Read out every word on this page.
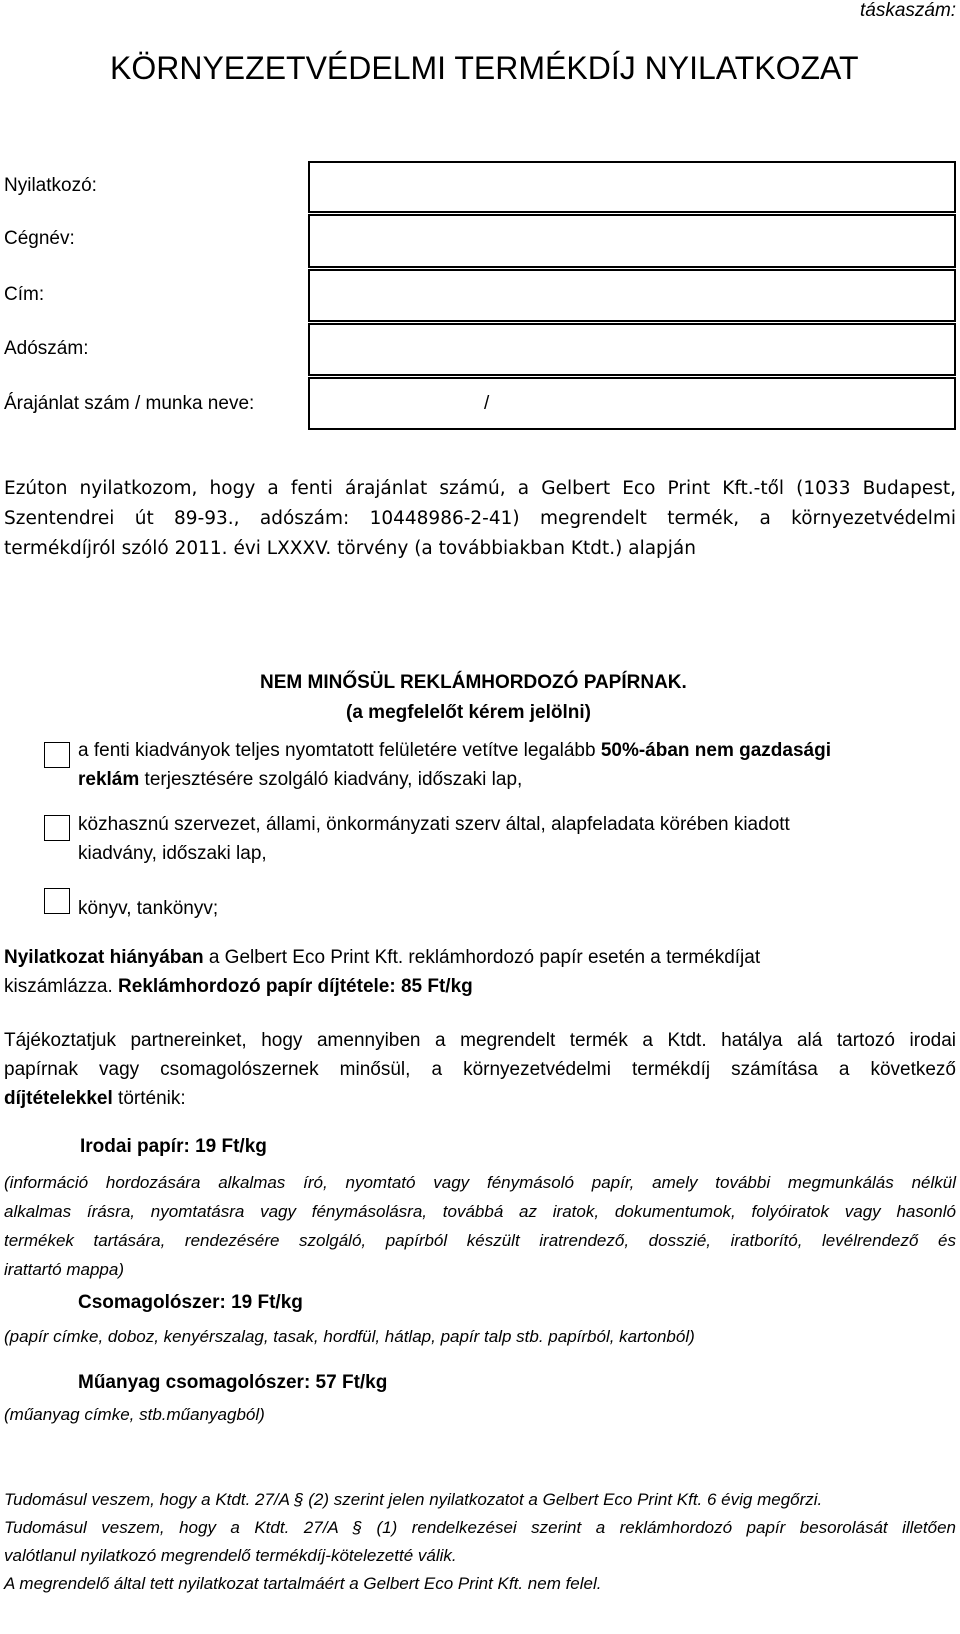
táskaszám:
KÖRNYEZETVÉDELMI TERMÉKDÍJ NYILATKOZAT
Nyilatkozó:
Cégnév:
Cím:
Adószám:
Árajánlat szám / munka neve:	/
Ezúton nyilatkozom, hogy a fenti árajánlat számú, a Gelbert Eco Print Kft.-től (1033 Budapest,
Szentendrei út 89-93., adószám: 10448986-2-41) megrendelt termék, a környezetvédelmi
termékdíjról szóló 2011. évi LXXXV. törvény (a továbbiakban Ktdt.) alapján
NEM MINŐSÜL REKLÁMHORDOZÓ PAPÍRNAK.
(a megfelelőt kérem jelölni)
a fenti kiadványok teljes nyomtatott felületére vetítve legalább 50%-ában nem gazdasági
reklám terjesztésére szolgáló kiadvány, időszaki lap,
közhasznú szervezet, állami, önkormányzati szerv által, alapfeladata körében kiadott
kiadvány, időszaki lap,
könyv, tankönyv;
Nyilatkozat hiányában a Gelbert Eco Print Kft. reklámhordozó papír esetén a termékdíjat
kiszámlázza. Reklámhordozó papír díjtétele: 85 Ft/kg
Tájékoztatjuk partnereinket, hogy amennyiben a megrendelt termék a Ktdt. hatálya alá tartozó irodai
papírnak vagy csomagolószernek minősül, a környezetvédelmi termékdíj számítása a következő
díjtételekkel történik:
Irodai papír: 19 Ft/kg
(információ hordozására alkalmas író, nyomtató vagy fénymásoló papír, amely további megmunkálás nélkül
alkalmas írásra, nyomtatásra vagy fénymásolásra, továbbá az iratok, dokumentumok, folyóiratok vagy hasonló
termékek tartására, rendezésére szolgáló, papírból készült iratrendező, dosszié, iratborító, levélrendező és
irattartó mappa)
Csomagolószer: 19 Ft/kg
(papír címke, doboz, kenyérszalag, tasak, hordfül, hátlap, papír talp stb. papírból, kartonból)
Műanyag csomagolószer: 57 Ft/kg
(műanyag címke, stb.műanyagból)
Tudomásul veszem, hogy a Ktdt. 27/A § (2) szerint jelen nyilatkozatot a Gelbert Eco Print Kft. 6 évig megőrzi.
Tudomásul veszem, hogy a Ktdt. 27/A § (1) rendelkezései szerint a reklámhordozó papír besorolását illetően
valótlanul nyilatkozó megrendelő termékdíj-kötelezetté válik.
A megrendelő által tett nyilatkozat tartalmáért a Gelbert Eco Print Kft. nem felel.
